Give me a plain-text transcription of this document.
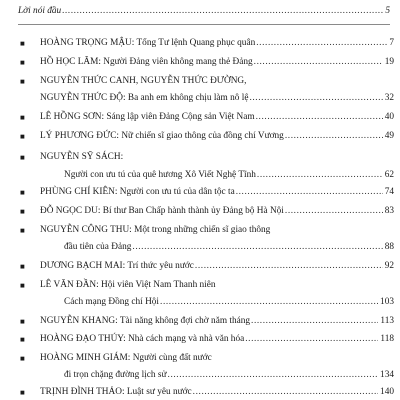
Lời nói đầu .....	5
■ HOÀNG TRỌNG MẬU: Tổng Tư lệnh Quang phục quân .....	7
■ HỒ HỌC LÃM: Người Đảng viên không mang thẻ Đảng .....	19
■ NGUYỄN THỨC CANH, NGUYỄN THỨC ĐƯỜNG,
NGUYỄN THỨC ĐỘ: Ba anh em không chịu làm nô lệ .....	32
■ LÊ HỒNG SƠN: Sáng lập viên Đảng Cộng sản Việt Nam .....	40
■ LÝ PHƯƠNG ĐỨC: Nữ chiến sĩ giao thông của đồng chí Vương .....	49
■ NGUYỄN SỸ SÁCH:
Người con ưu tú của quê hương Xô Viết Nghệ Tĩnh .....	62
■ PHÙNG CHÍ KIÊN: Người con ưu tú của dân tộc ta .....	74
■ ĐỖ NGỌC DU: Bí thư Ban Chấp hành thành ủy Đảng bộ Hà Nội .....	83
■ NGUYỄN CÔNG THU: Một trong những chiến sĩ giao thông
đầu tiên của Đảng .....	88
■ DƯƠNG BẠCH MAI: Trí thức yêu nước .....	92
■ LÊ VĂN ĐẦN: Hội viên Việt Nam Thanh niên
Cách mạng Đồng chí Hội .....	103
■ NGUYỄN KHANG: Tài năng không đợi chờ năm tháng .....	113
■ HOÀNG ĐẠO THÚY: Nhà cách mạng và nhà văn hóa .....	118
■ HOÀNG MINH GIÁM: Người cùng đất nước
đi trọn chặng đường lịch sử .....	134
■ TRỊNH ĐÌNH THẢO: Luật sư yêu nước .....	140
